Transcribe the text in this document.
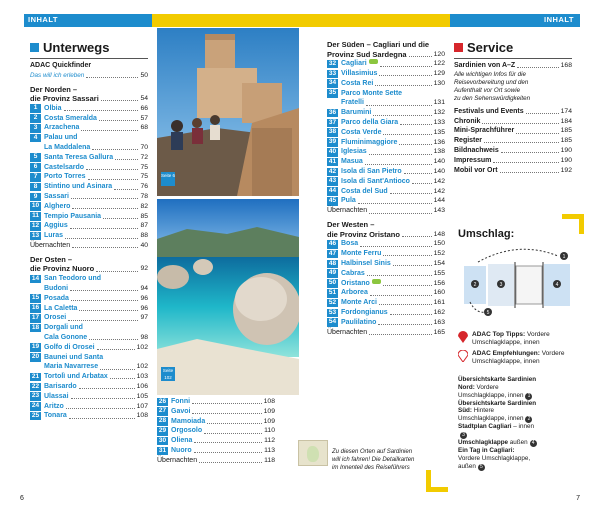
INHALT	INHALT
Unterwegs
ADAC Quickfinder
Das will ich erleben	50
Der Norden –
die Provinz Sassari	54
1 Olbia	66
2 Costa Smeralda	57
3 Arzachena	68
4 Palau und
La Maddalena	70
5 Santa Teresa Gallura	72
6 Castelsardo	75
7 Porto Torres	75
8 Stintino und Asinara	76
9 Sassari	78
10 Alghero	82
11 Tempio Pausania	85
12 Aggius	87
13 Luras	88
Übernachten	40
Der Osten –
die Provinz Nuoro	92
14 San Teodoro und
Budoni	94
15 Posada	96
16 La Caletta	96
17 Orosei	97
18 Dorgali und
Cala Gonone	98
19 Golfo di Orosei	102
20 Baunei und Santa
Maria Navarrese	102
21 Tortolì und Arbatax	103
22 Barisardo	106
23 Ulassai	105
24 Aritzo	107
25 Tonara	108
Seite 6
Seite 102
26 Fonni	108
27 Gavoi	109
28 Mamoiada	109
29 Orgosolo	110
30 Oliena	112
31 Nuoro	113
Übernachten	118
Der Süden – Cagliari und die
Provinz Sud Sardegna	120
32 Cagliari	122
33 Villasimius	129
34 Costa Rei	130
35 Parco Monte Sette
Fratelli	131
36 Barumini	132
37 Parco della Giara	133
38 Costa Verde	135
39 Fluminimaggiore	136
40 Iglesias	138
41 Masua	140
42 Isola di San Pietro	140
43 Isola di Sant'Antioco	142
44 Costa del Sud	142
45 Pula	144
Übernachten	143
Der Westen –
die Provinz Oristano	148
46 Bosa	150
47 Monte Ferru	152
48 Halbinsel Sinis	154
49 Cabras	155
50 Oristano	156
51 Arborea	160
52 Monte Arci	161
53 Fordongianus	162
54 Paulilatino	163
Übernachten	165
Zu diesen Orten auf Sardinien
will ich fahren! Die Detailkarten
im Innenteil des Reiseführers
Service
Sardinien von A–Z	168
Alle wichtigen Infos für die
Reisevorbereitung und den
Aufenthalt vor Ort sowie
zu den Sehenswürdigkeiten
Festivals und Events	174
Chronik	184
Mini-Sprachführer	185
Register	185
Bildnachweis	190
Impressum	190
Mobil vor Ort	192
Umschlag:
1
2	3	4
5
ADAC Top Tipps: Vordere Umschlagklappe, innen
ADAC Empfehlungen: Vordere Umschlagklappe, innen
Übersichtskarte Sardinien Nord: Vordere Umschlagklappe, innen 1
Übersichtskarte Sardinien Süd: Hintere Umschlagklappe, innen 2
Stadtplan Cagliari – innen3
Umschlagklappe außen 4
Ein Tag in Cagliari: Vordere Umschlagklappe, außen 5
6	7
